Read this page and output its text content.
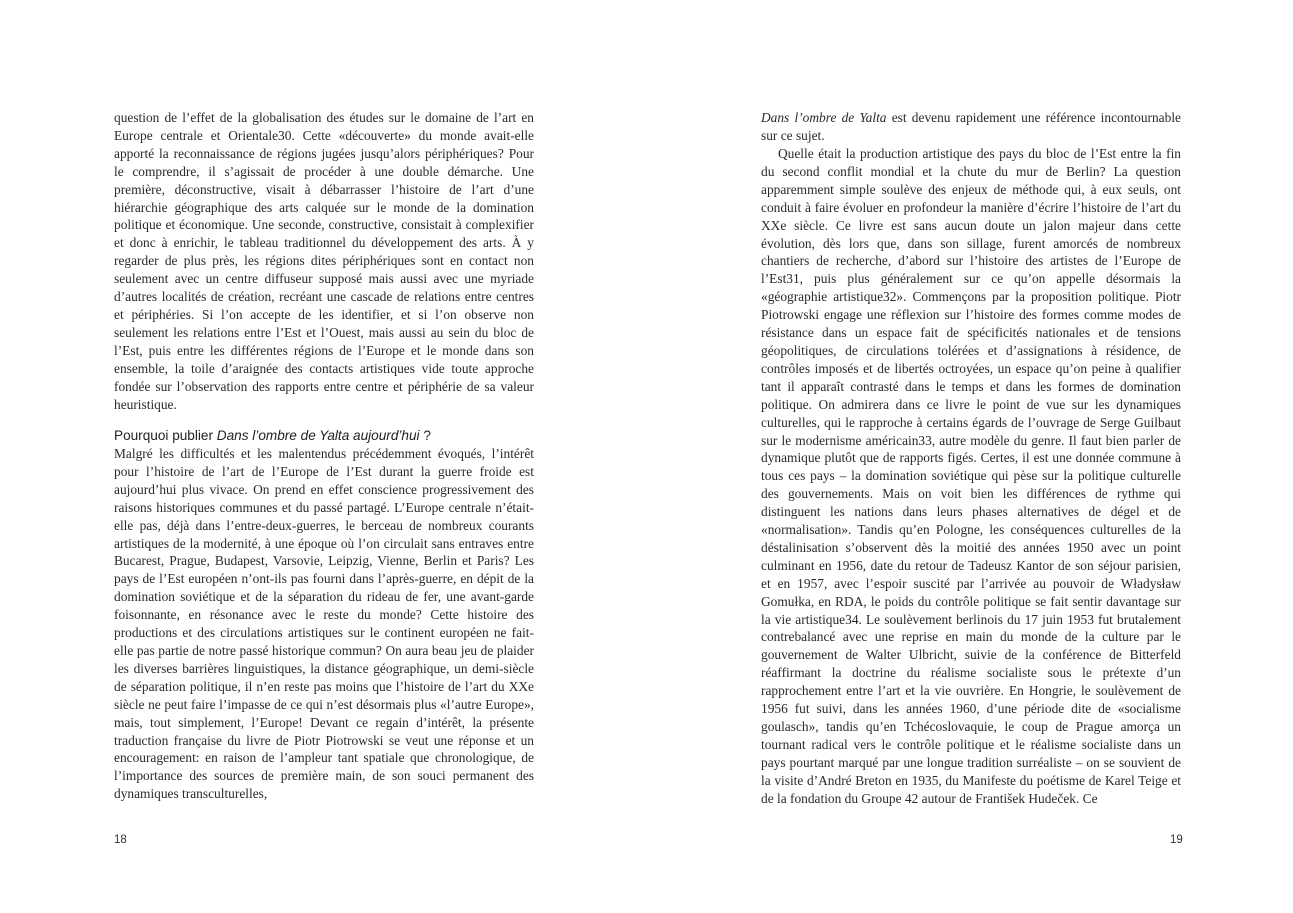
question de l’effet de la globalisation des études sur le domaine de l’art en Europe centrale et Orientale30. Cette «découverte» du monde avait-elle apporté la reconnaissance de régions jugées jusqu’alors périphériques? Pour le comprendre, il s’agissait de procéder à une double démarche. Une première, déconstructive, visait à débarrasser l’histoire de l’art d’une hiérarchie géographique des arts calquée sur le monde de la domination politique et économique. Une seconde, constructive, consistait à complexifier et donc à enrichir, le tableau traditionnel du développement des arts. À y regarder de plus près, les régions dites périphériques sont en contact non seulement avec un centre diffuseur supposé mais aussi avec une myriade d’autres localités de création, recréant une cascade de relations entre centres et périphéries. Si l’on accepte de les identifier, et si l’on observe non seulement les relations entre l’Est et l’Ouest, mais aussi au sein du bloc de l’Est, puis entre les différentes régions de l’Europe et le monde dans son ensemble, la toile d’araignée des contacts artistiques vide toute approche fondée sur l’observation des rapports entre centre et périphérie de sa valeur heuristique.
Pourquoi publier Dans l’ombre de Yalta aujourd’hui ?
Malgré les difficultés et les malentendus précédemment évoqués, l’intérêt pour l’histoire de l’art de l’Europe de l’Est durant la guerre froide est aujourd’hui plus vivace. On prend en effet conscience progressivement des raisons historiques communes et du passé partagé. L’Europe centrale n’était-elle pas, déjà dans l’entre-deux-guerres, le berceau de nombreux courants artistiques de la modernité, à une époque où l’on circulait sans entraves entre Bucarest, Prague, Budapest, Varsovie, Leipzig, Vienne, Berlin et Paris? Les pays de l’Est européen n’ont-ils pas fourni dans l’après-guerre, en dépit de la domination soviétique et de la séparation du rideau de fer, une avant-garde foisonnante, en résonance avec le reste du monde? Cette histoire des productions et des circulations artistiques sur le continent européen ne fait-elle pas partie de notre passé historique commun? On aura beau jeu de plaider les diverses barrières linguistiques, la distance géographique, un demi-siècle de séparation politique, il n’en reste pas moins que l’histoire de l’art du XXe siècle ne peut faire l’impasse de ce qui n’est désormais plus «l’autre Europe», mais, tout simplement, l’Europe! Devant ce regain d’intérêt, la présente traduction française du livre de Piotr Piotrowski se veut une réponse et un encouragement: en raison de l’ampleur tant spatiale que chronologique, de l’importance des sources de première main, de son souci permanent des dynamiques transculturelles,
18
Dans l’ombre de Yalta est devenu rapidement une référence incontournable sur ce sujet.
Quelle était la production artistique des pays du bloc de l’Est entre la fin du second conflit mondial et la chute du mur de Berlin? La question apparemment simple soulève des enjeux de méthode qui, à eux seuls, ont conduit à faire évoluer en profondeur la manière d’écrire l’histoire de l’art du XXe siècle. Ce livre est sans aucun doute un jalon majeur dans cette évolution, dès lors que, dans son sillage, furent amorcés de nombreux chantiers de recherche, d’abord sur l’histoire des artistes de l’Europe de l’Est31, puis plus généralement sur ce qu’on appelle désormais la «géographie artistique32». Commençons par la proposition politique. Piotr Piotrowski engage une réflexion sur l’histoire des formes comme modes de résistance dans un espace fait de spécificités nationales et de tensions géopolitiques, de circulations tolérées et d’assignations à résidence, de contrôles imposés et de libertés octroyées, un espace qu’on peine à qualifier tant il apparaît contrasté dans le temps et dans les formes de domination politique. On admirera dans ce livre le point de vue sur les dynamiques culturelles, qui le rapproche à certains égards de l’ouvrage de Serge Guilbaut sur le modernisme américain33, autre modèle du genre. Il faut bien parler de dynamique plutôt que de rapports figés. Certes, il est une donnée commune à tous ces pays – la domination soviétique qui pèse sur la politique culturelle des gouvernements. Mais on voit bien les différences de rythme qui distinguent les nations dans leurs phases alternatives de dégel et de «normalisation». Tandis qu’en Pologne, les conséquences culturelles de la déstalinisation s’observent dès la moitié des années 1950 avec un point culminant en 1956, date du retour de Tadeusz Kantor de son séjour parisien, et en 1957, avec l’espoir suscité par l’arrivée au pouvoir de Władysław Gomułka, en RDA, le poids du contrôle politique se fait sentir davantage sur la vie artistique34. Le soulèvement berlinois du 17 juin 1953 fut brutalement contrebalancé avec une reprise en main du monde de la culture par le gouvernement de Walter Ulbricht, suivie de la conférence de Bitterfeld réaffirmant la doctrine du réalisme socialiste sous le prétexte d’un rapprochement entre l’art et la vie ouvrière. En Hongrie, le soulèvement de 1956 fut suivi, dans les années 1960, d’une période dite de «socialisme goulasch», tandis qu’en Tchécoslovaquie, le coup de Prague amorça un tournant radical vers le contrôle politique et le réalisme socialiste dans un pays pourtant marqué par une longue tradition surréaliste – on se souvient de la visite d’André Breton en 1935, du Manifeste du poétisme de Karel Teige et de la fondation du Groupe 42 autour de František Hudeček. Ce
19
